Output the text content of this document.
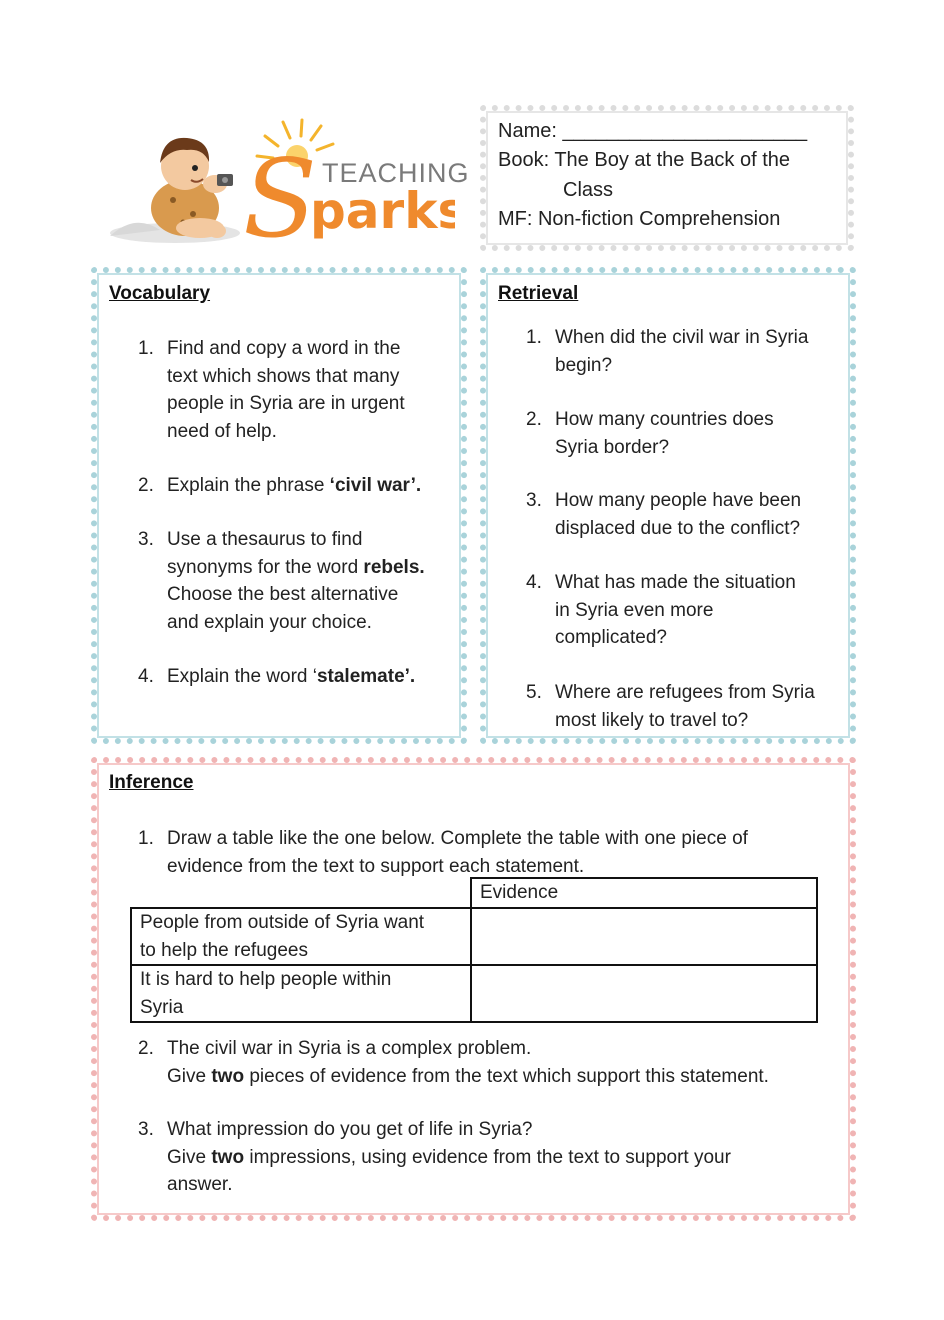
S
parks
TEACHING
Name: ______________________
Book: The Boy at the Back of the
Class
MF: Non-fiction Comprehension
Vocabulary
1. Find and copy a word in the
text which shows that many
people in Syria are in urgent
need of help.
2. Explain the phrase ‘civil war’.
3. Use a thesaurus to find
synonyms for the word rebels.
Choose the best alternative
and explain your choice.
4. Explain the word ‘stalemate’.
Retrieval
1. When did the civil war in Syria
begin?
2. How many countries does
Syria border?
3. How many people have been
displaced due to the conflict?
4. What has made the situation
in Syria even more
complicated?
5. Where are refugees from Syria
most likely to travel to?
Inference
1. Draw a table like the one below. Complete the table with one piece of
evidence from the text to support each statement.
	Evidence

People from outside of Syria want
to help the refugees	

It is hard to help people within
Syria	

2. The civil war in Syria is a complex problem.
Give two pieces of evidence from the text which support this statement.
3. What impression do you get of life in Syria?
Give two impressions, using evidence from the text to support your
answer.
